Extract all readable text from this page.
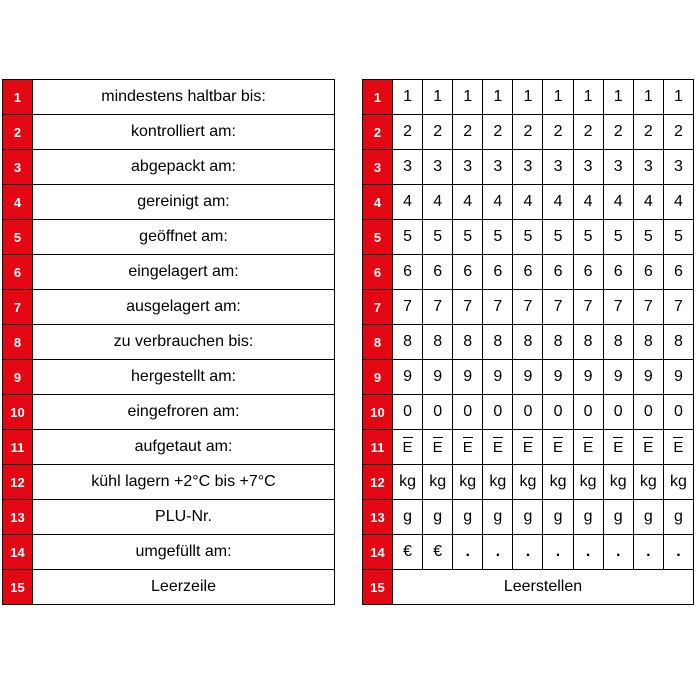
1	mindestens haltbar bis:
2	kontrolliert am:
3	abgepackt am:
4	gereinigt am:
5	geöffnet am:
6	eingelagert am:
7	ausgelagert am:
8	zu verbrauchen bis:
9	hergestellt am:
10	eingefroren am:
11	aufgetaut am:
12	kühl lagern +2°C bis +7°C
13	PLU-Nr.
14	umgefüllt am:
15	Leerzeile
1	1	1	1	1	1	1	1	1	1	1
2	2	2	2	2	2	2	2	2	2	2
3	3	3	3	3	3	3	3	3	3	3
4	4	4	4	4	4	4	4	4	4	4
5	5	5	5	5	5	5	5	5	5	5
6	6	6	6	6	6	6	6	6	6	6
7	7	7	7	7	7	7	7	7	7	7
8	8	8	8	8	8	8	8	8	8	8
9	9	9	9	9	9	9	9	9	9	9
10	0	0	0	0	0	0	0	0	0	0
11	E	E	E	E	E	E	E	E	E	E
12	kg	kg	kg	kg	kg	kg	kg	kg	kg	kg
13	g	g	g	g	g	g	g	g	g	g
14	€	€	.	.	.	.	.	.	.	.
15	Leerstellen									
